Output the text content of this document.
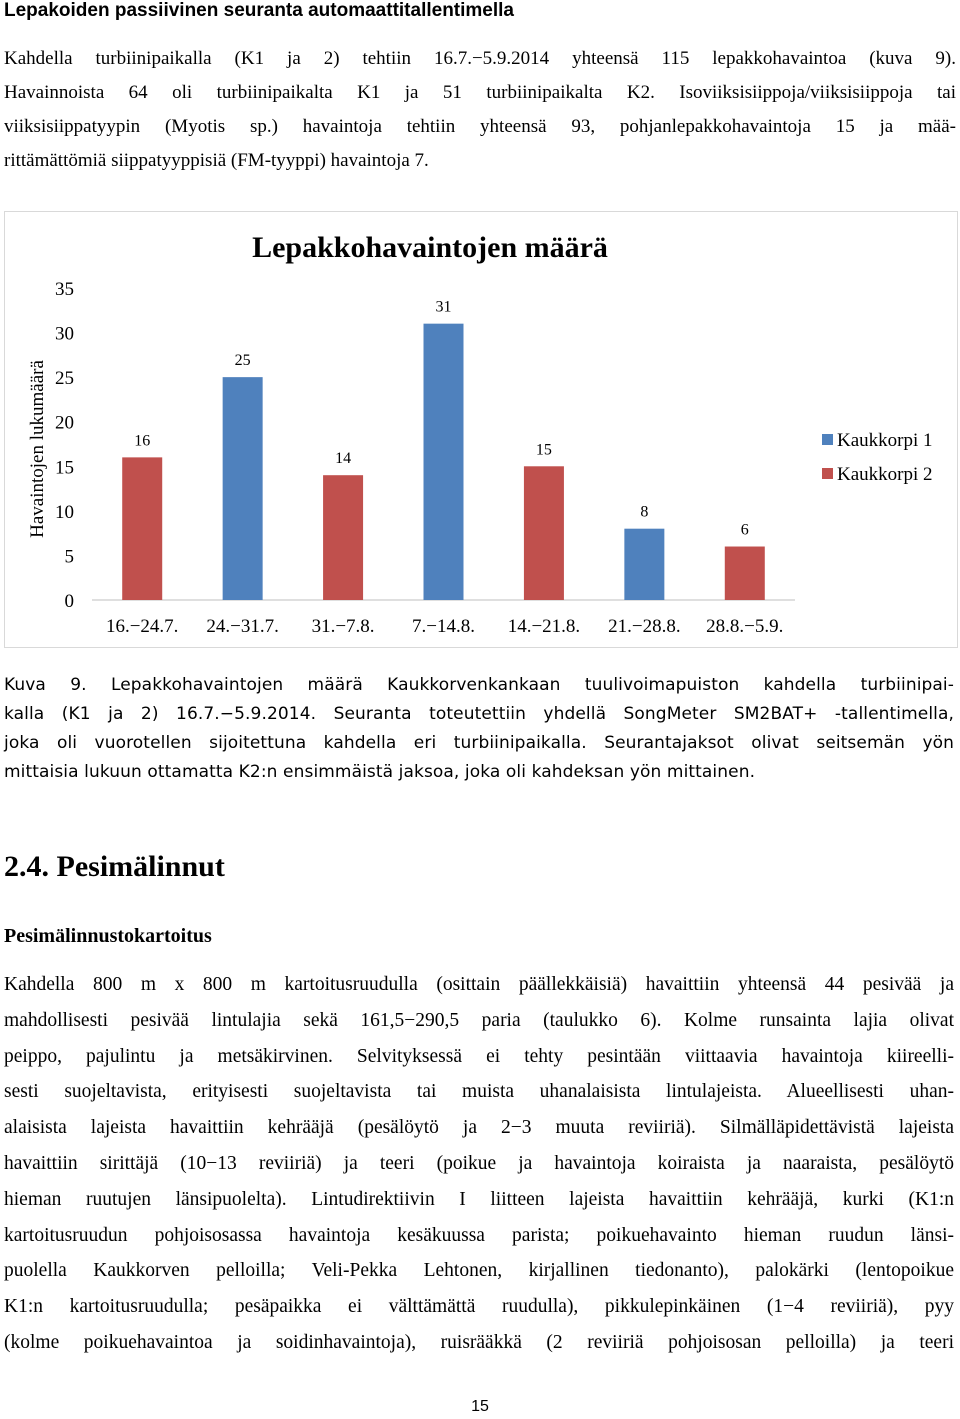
Lepakoiden passiivinen seuranta automaattitallentimella
Kahdella turbiinipaikalla (K1 ja 2) tehtiin 16.7.−5.9.2014 yhteensä 115 lepakkohavaintoa (kuva 9).
Havainnoista 64 oli turbiinipaikalta K1 ja 51 turbiinipaikalta K2. Isoviiksisiippoja/viiksisiippoja tai
viiksisiippatyypin (Myotis sp.) havaintoja tehtiin yhteensä 93, pohjanlepakkohavaintoja 15 ja mää-
rittämättömiä siippatyyppisiä (FM-tyyppi) havaintoja 7.
Lepakkohavaintojen määrä
Havaintojen lukumäärä
0
5
10
15
20
25
30
35
16
25
14
31
15
8
6
16.−24.7. 24.−31.7. 31.−7.8. 7.−14.8. 14.−21.8. 21.−28.8. 28.8.−5.9.
Kaukkorpi 1
Kaukkorpi 2
Kuva 9. Lepakkohavaintojen määrä Kaukkorvenkankaan tuulivoimapuiston kahdella turbiinipai-
kalla (K1 ja 2) 16.7.−5.9.2014. Seuranta toteutettiin yhdellä SongMeter SM2BAT+ -tallentimella,
joka oli vuorotellen sijoitettuna kahdella eri turbiinipaikalla. Seurantajaksot olivat seitsemän yön
mittaisia lukuun ottamatta K2:n ensimmäistä jaksoa, joka oli kahdeksan yön mittainen.
2.4. Pesimälinnut
Pesimälinnustokartoitus
Kahdella 800 m x 800 m kartoitusruudulla (osittain päällekkäisiä) havaittiin yhteensä 44 pesivää ja
mahdollisesti pesivää lintulajia sekä 161,5−290,5 paria (taulukko 6). Kolme runsainta lajia olivat
peippo, pajulintu ja metsäkirvinen. Selvityksessä ei tehty pesintään viittaavia havaintoja kiireelli-
sesti suojeltavista, erityisesti suojeltavista tai muista uhanalaisista lintulajeista. Alueellisesti uhan-
alaisista lajeista havaittiin kehrääjä (pesälöytö ja 2−3 muuta reviiriä). Silmälläpidettävistä lajeista
havaittiin sirittäjä (10−13 reviiriä) ja teeri (poikue ja havaintoja koiraista ja naaraista, pesälöytö
hieman ruutujen länsipuolelta). Lintudirektiivin I liitteen lajeista havaittiin kehrääjä, kurki (K1:n
kartoitusruudun pohjoisosassa havaintoja kesäkuussa parista; poikuehavainto hieman ruudun länsi-
puolella Kaukkorven pelloilla; Veli-Pekka Lehtonen, kirjallinen tiedonanto), palokärki (lentopoikue
K1:n kartoitusruudulla; pesäpaikka ei välttämättä ruudulla), pikkulepinkäinen (1−4 reviiriä), pyy
(kolme poikuehavaintoa ja soidinhavaintoja), ruisrääkkä (2 reviiriä pohjoisosan pelloilla) ja teeri
15
